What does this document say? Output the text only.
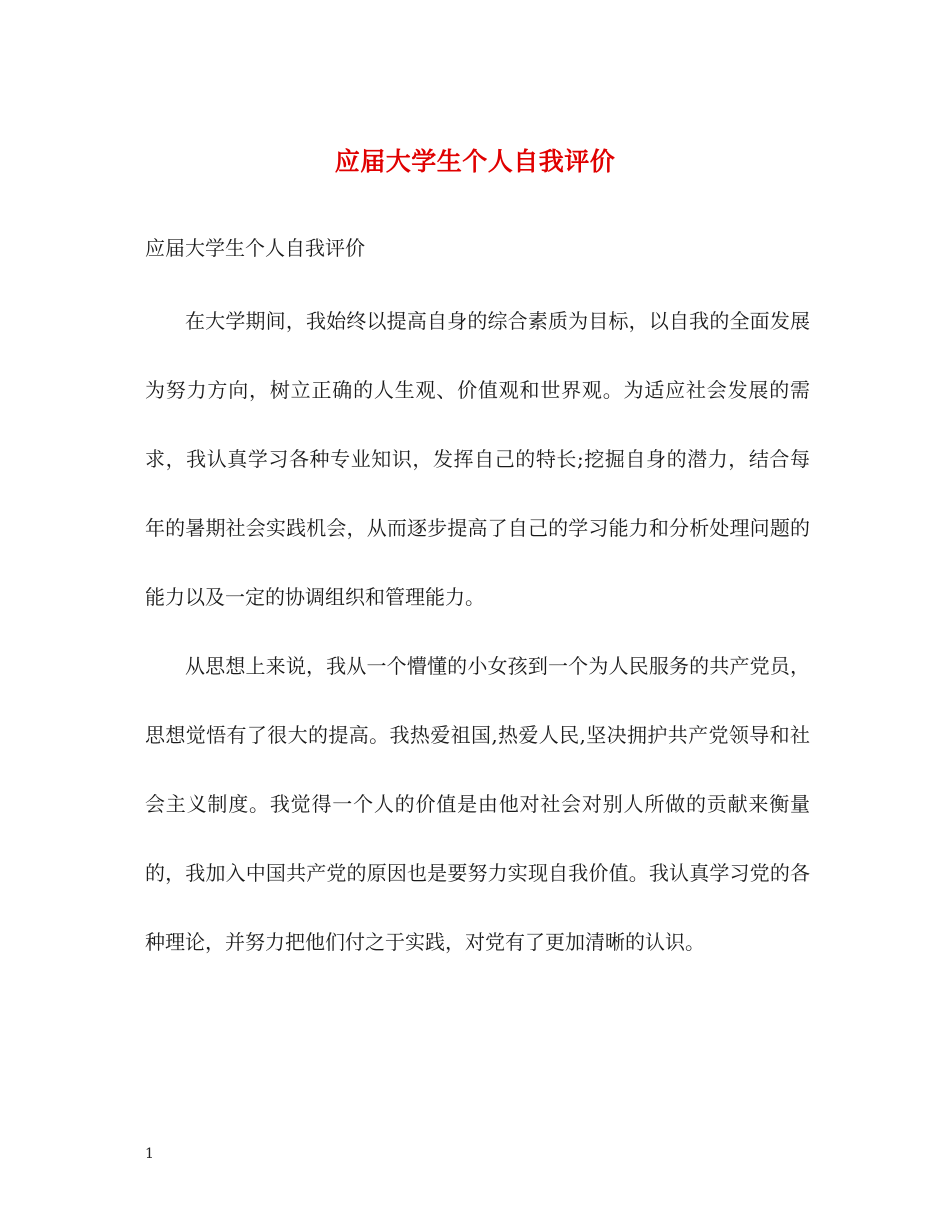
应届大学生个人自我评价
应届大学生个人自我评价

在大学期间，我始终以提高自身的综合素质为目标，以自我的全面发展为努力方向，树立正确的人生观、价值观和世界观。为适应社会发展的需求，我认真学习各种专业知识，发挥自己的特长;挖掘自身的潜力，结合每年的暑期社会实践机会，从而逐步提高了自己的学习能力和分析处理问题的能力以及一定的协调组织和管理能力。

从思想上来说，我从一个懵懂的小女孩到一个为人民服务的共产党员，思想觉悟有了很大的提高。我热爱祖国,热爱人民,坚决拥护共产党领导和社会主义制度。我觉得一个人的价值是由他对社会对别人所做的贡献来衡量的，我加入中国共产党的原因也是要努力实现自我价值。我认真学习党的各种理论，并努力把他们付之于实践，对党有了更加清晰的认识。

1
